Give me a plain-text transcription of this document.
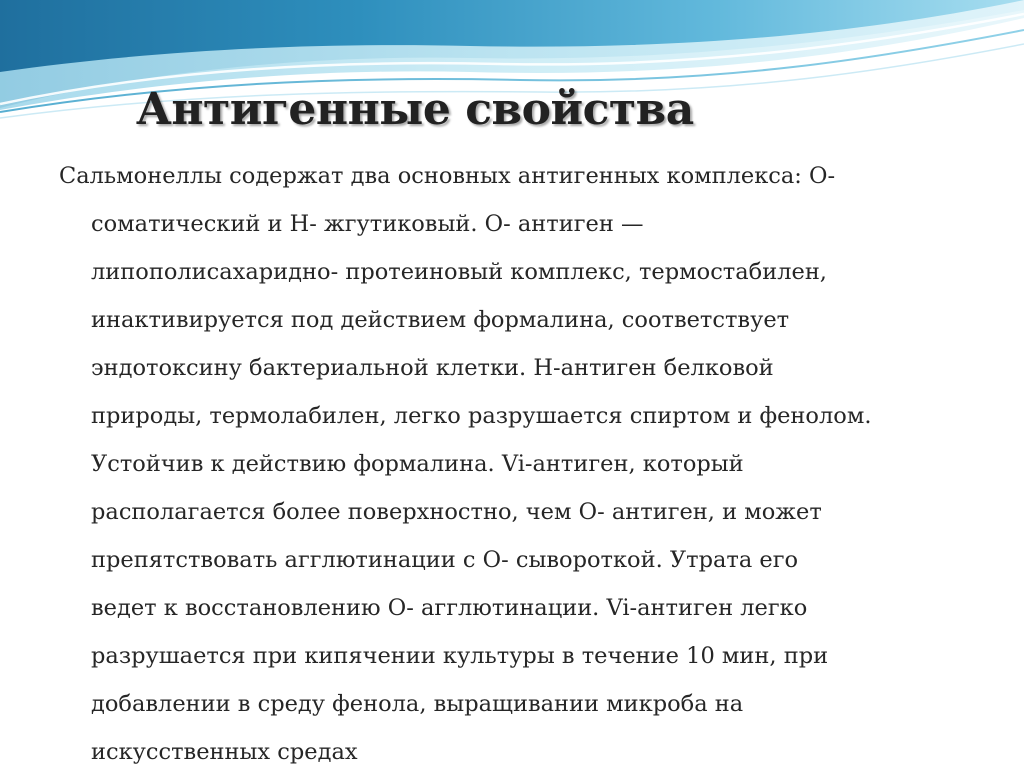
Антигенные свойства
Сальмонеллы содержат два основных антигенных комплекса: О-
соматический и Н- жгутиковый. О- антиген —
липополисахаридно- протеиновый комплекс, термостабилен,
инактивируется под действием формалина, соответствует
эндотоксину бактериальной клетки. Н-антиген белковой
природы, термолабилен, легко разрушается спиртом и фенолом.
Устойчив к действию формалина. Vi-антиген, который
располагается более поверхностно, чем О- антиген, и может
препятствовать агглютинации с О- сывороткой. Утрата его
ведет к восстановлению О- агглютинации. Vi-антиген легко
разрушается при кипячении культуры в течение 10 мин, при
добавлении в среду фенола, выращивании микроба на
искусственных средах
